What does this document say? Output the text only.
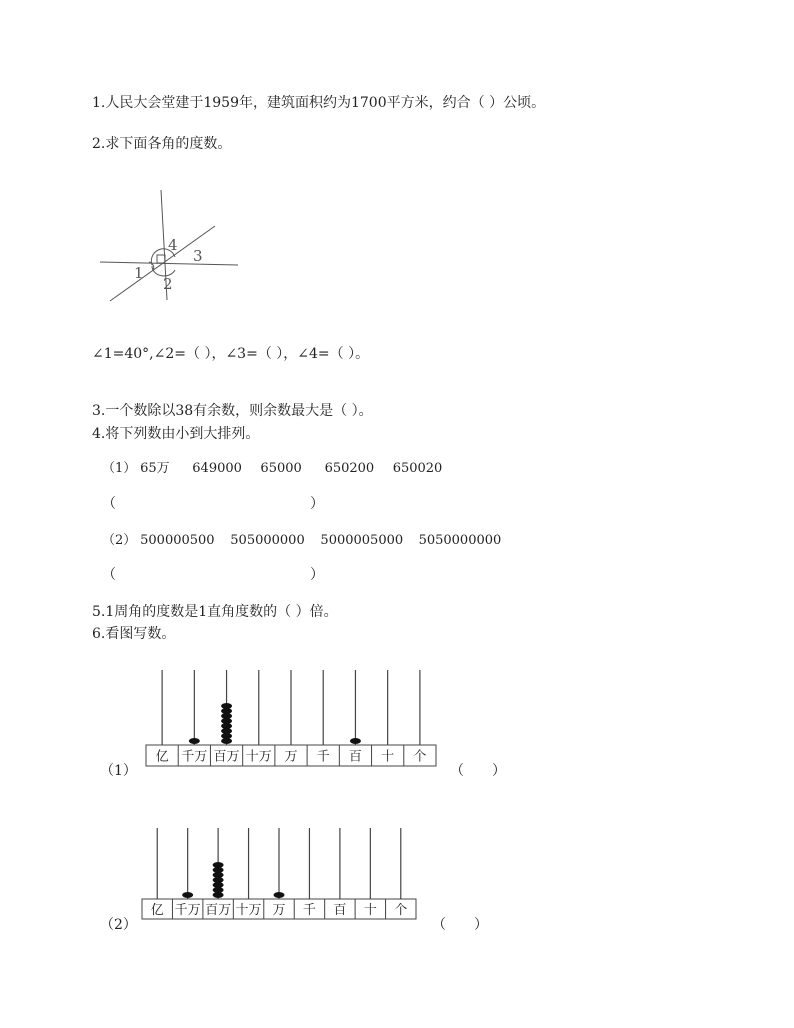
1.人民大会堂建于1959年，建筑面积约为1700平方米，约合（ ）公顷。
2.求下面各角的度数。
1
2
3
4
亿 千万 百万 十万 万 千 百 十 个
亿 千万 百万 十万 万 千 百 十 个
∠1=40°,∠2=（ ），∠3=（ ），∠4=（ ）。
3.一个数除以38有余数，则余数最大是（ ）。
4.将下列数由小到大排列。
（1） 65万 649000 65000 650200 650020
（	）
（2） 500000500 505000000 5000005000 5050000000
（	）
5.1周角的度数是1直角度数的（ ）倍。
6.看图写数。
（1）	（　　）
（2）	（　　）
